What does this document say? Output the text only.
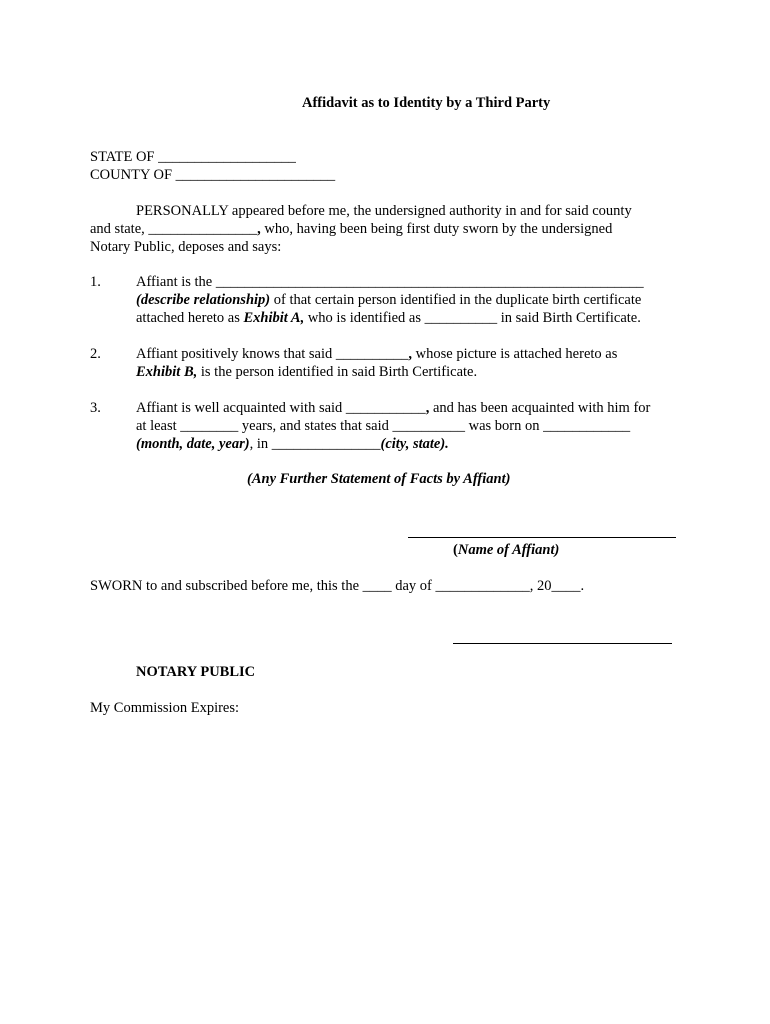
Affidavit as to Identity by a Third Party
STATE OF ___________________
COUNTY OF ______________________
PERSONALLY appeared before me, the undersigned authority in and for said county
and state, _______________, who, having been being first duty sworn by the undersigned
Notary Public, deposes and says:
1. Affiant is the ___________________________________________________________
(describe relationship) of that certain person identified in the duplicate birth certificate
attached hereto as Exhibit A, who is identified as __________ in said Birth Certificate.
2. Affiant positively knows that said __________, whose picture is attached hereto as
Exhibit B, is the person identified in said Birth Certificate.
3. Affiant is well acquainted with said ___________, and has been acquainted with him for
at least ________ years, and states that said __________ was born on ____________
(month, date, year), in _______________(city, state).
(Any Further Statement of Facts by Affiant)
(Name of Affiant)
SWORN to and subscribed before me, this the ____ day of _____________, 20____.
NOTARY PUBLIC
My Commission Expires:
